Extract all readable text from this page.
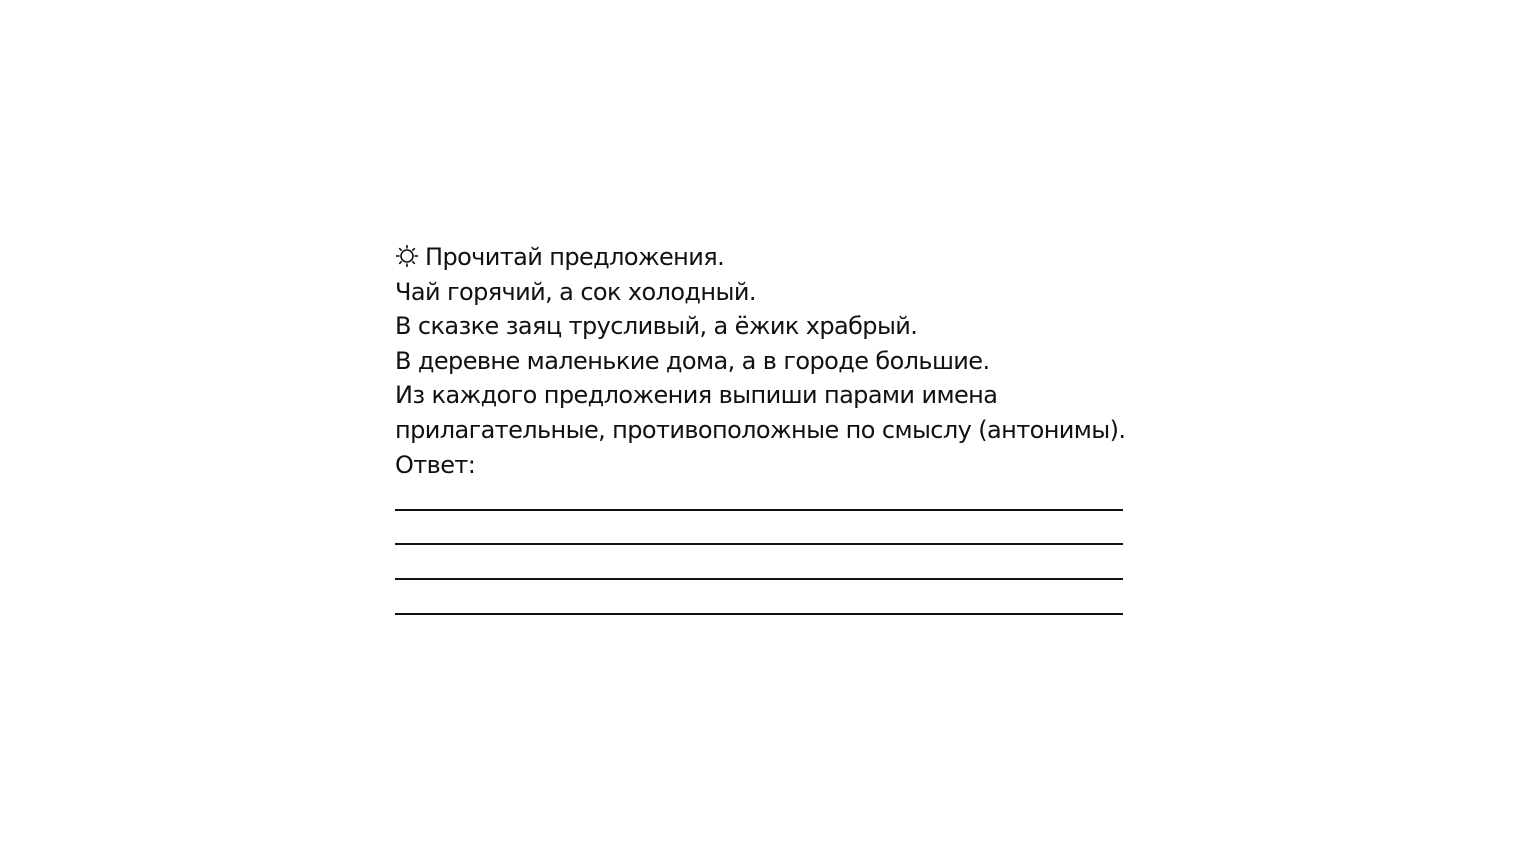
Прочитай предложения.
Чай горячий, а сок холодный.
В сказке заяц трусливый, а ёжик храбрый.
В деревне маленькие дома, а в городе большие.
Из каждого предложения выпиши парами имена
прилагательные, противоположные по смыслу (антонимы).
Ответ:
